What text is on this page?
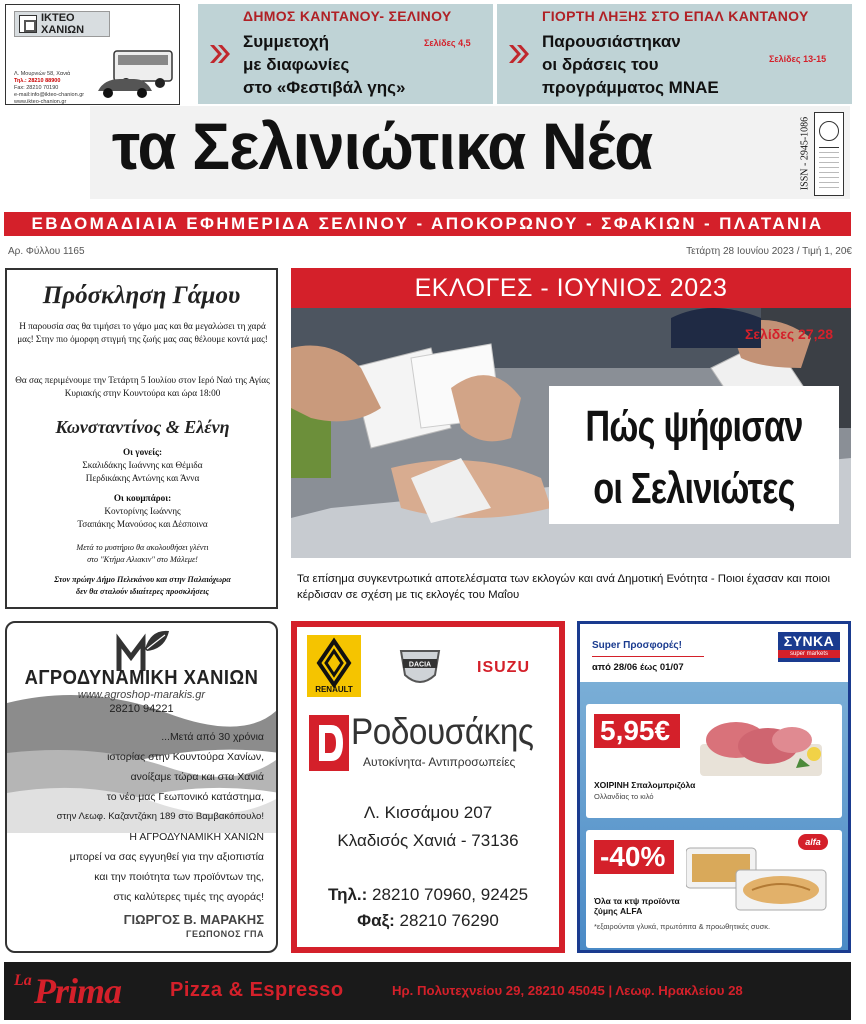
ΙΚΤΕΟ
ΧΑΝΙΩΝ
Λ. Μουρνιών 58, Χανιά
Τηλ.: 28210 88900
Fax: 28210 70190
e-mail:info@ikteo-chanion.gr
www.ikteo-chanion.gr
ΔΗΜΟΣ ΚΑΝΤΑΝΟΥ- ΣΕΛΙΝΟΥ
Συμμετοχή
με διαφωνίες
στο «Φεστιβάλ γης»
Σελίδες 4,5
ΓΙΟΡΤΗ ΛΗΞΗΣ ΣΤΟ ΕΠΑΛ ΚΑΝΤΑΝΟΥ
Παρουσιάστηκαν
οι δράσεις του
προγράμματος ΜΝΑΕ
Σελίδες 13-15
τα Σελινιώτικα Νέα	ISSN - 2945-1086
ΕΒΔΟΜΑΔΙΑΙΑ ΕΦΗΜΕΡΙΔΑ ΣΕΛΙΝΟΥ - ΑΠΟΚΟΡΩΝΟΥ - ΣΦΑΚΙΩΝ - ΠΛΑΤΑΝΙΑ
Αρ. Φύλλου 1165	Τετάρτη 28 Ιουνίου 2023 / Τιμή 1, 20€
Πρόσκληση Γάμου
Η παρουσία σας θα τιμήσει το γάμο μας και θα μεγαλώσει τη χαρά μας! Στην πιο όμορφη στιγμή της ζωής μας σας θέλουμε κοντά μας!
Θα σας περιμένουμε την Τετάρτη 5 Ιουλίου στον Ιερό Ναό της Αγίας Κυριακής στην Κουντούρα και ώρα 18:00
Κωνσταντίνος & Ελένη
Οι γονείς:
Σκαλιδάκης Ιωάννης και Θέμιδα
Περδικάκης Αντώνης και Άννα
Οι κουμπάροι:
Κοντορίνης Ιωάννης
Τσαπάκης Μανούσος και Δέσποινα
Μετά το μυστήριο θα ακολουθήσει γλέντι
στο "Κτήμα Αλιακιν" στο Μάλεμε!
Στον πρώην Δήμο Πελεκάνου και στην Παλαιόχωρα
δεν θα σταλούν ιδιαίτερες προσκλήσεις
ΕΚΛΟΓΕΣ - ΙΟΥΝΙΟΣ 2023
Σελίδες 27,28
Πώς ψήφισαν
οι Σελινιώτες
Τα επίσημα συγκεντρωτικά αποτελέσματα των εκλογών και ανά Δημοτική Ενότητα - Ποιοι έχασαν και ποιοι κέρδισαν σε σχέση με τις εκλογές του Μαΐου
ΑΓΡΟΔΥΝΑΜΙΚΗ ΧΑΝΙΩΝ
www.agroshop-marakis.gr
28210 94221
...Μετά από 30 χρόνια
ιστορίας στην Κουντούρα Χανίων,
ανοίξαμε τώρα και στα Χανιά
το νέο μας Γεωπονικό κατάστημα,
στην Λεωφ. Καζαντζάκη 189 στο Βαμβακόπουλο!
Η ΑΓΡΟΔΥΝΑΜΙΚΗ ΧΑΝΙΩΝ
μπορεί να σας εγγυηθεί για την αξιοπιστία
και την ποιότητα των προϊόντων της,
στις καλύτερες τιμές της αγοράς!
ΓΙΩΡΓΟΣ Β. ΜΑΡΑΚΗΣ
ΓΕΩΠΟΝΟΣ ΓΠΑ
RENAULT
DACIA	ISUZU
Ροδουσάκης
Αυτοκίνητα- Αντιπροσωπείες
Λ. Κισσάμου 207
Κλαδισός Χανιά - 73136
Τηλ.: 28210 70960, 92425
Φαξ: 28210 76290
Super Προσφορές!
από 28/06 έως 01/07
ΣΥΝΚΑ
super markets
5,95€
ΧΟΙΡΙΝΗ Σπαλομπριζόλα
Ολλανδίας το κιλό
-40%	alfa
Όλα τα κτψ προϊόντα ζύμης ALFA
*εξαιρούνται γλυκά, πρωτόπιτα & προωθητικές συσκ.
La Prima Pizza & Espresso	Ηρ. Πολυτεχνείου 29, 28210 45045 | Λεωφ. Ηρακλείου 28
